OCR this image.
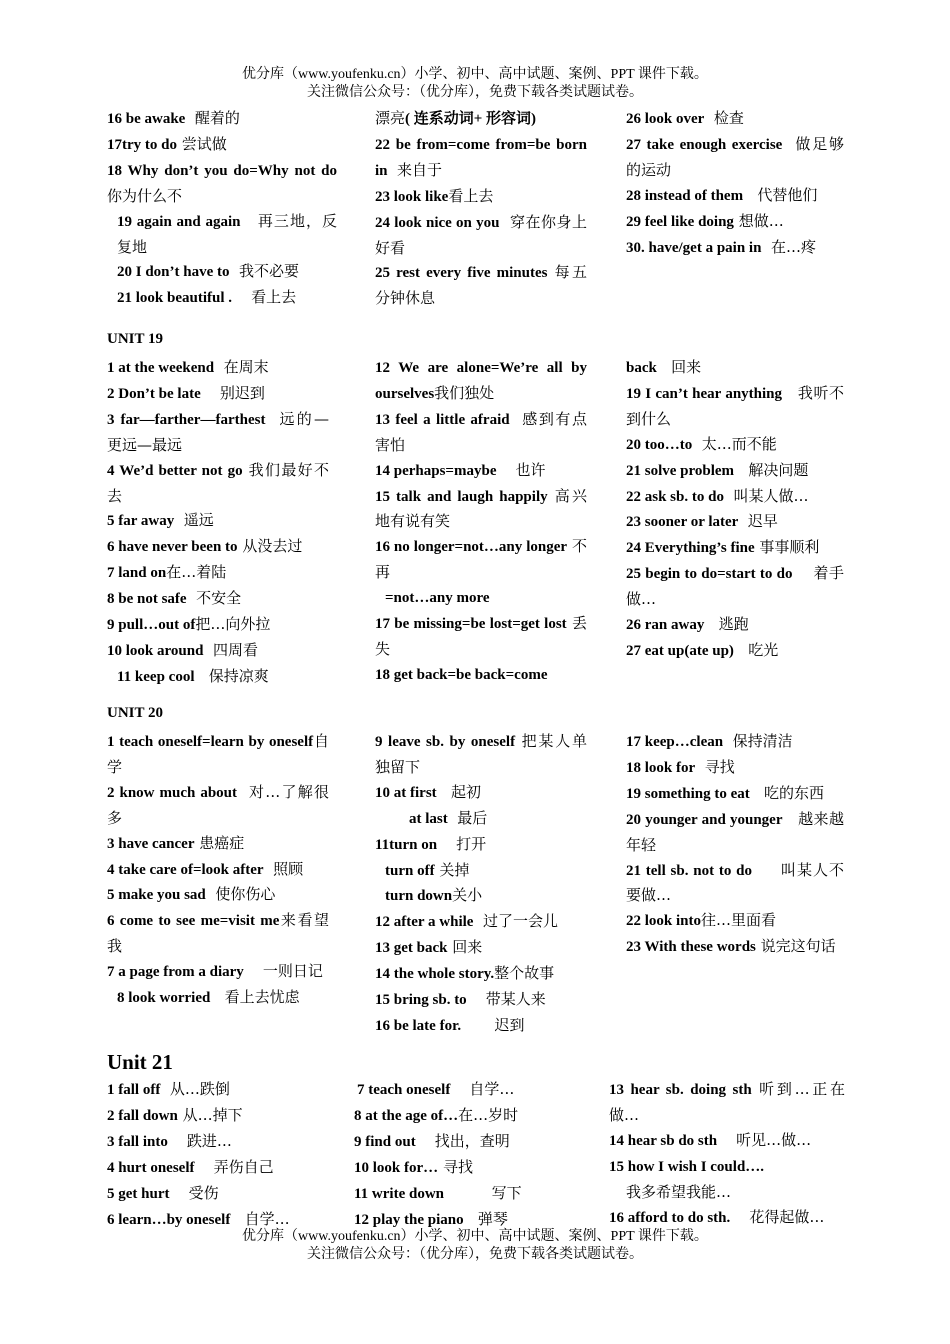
优分库（www.youfenku.cn）小学、初中、高中试题、案例、PPT 课件下载。
关注微信公众号：（优分库），免费下载各类试题试卷。

16 be awake  醒着的

17try to do 尝试做

18 Why don’t you do=Why not do  你为什么不

19 again and again   再三地，反复地

20 I don’t have to  我不必要

21 look beautiful .    看上去

漂亮( 连系动词+ 形容词)

22 be from=come from=be born in  来自于

23 look like看上去

24 look nice on you  穿在你身上好看

25 rest every five minutes 每五分钟休息

26 look over  检查

27 take enough exercise  做足够的运动

28 instead of them   代替他们

29 feel like doing 想做…

30. have/get a pain in  在…疼

UNIT 19

1 at the weekend  在周末

2 Don’t be late    别迟到

3 far—farther—farthest  远的—更远—最远

4 We’d better not go 我们最好不去

5 far away  遥远

6 have never been to 从没去过

7 land on在…着陆

8 be not safe  不安全

9 pull…out of把…向外拉

10 look around  四周看

11 keep cool   保持凉爽

12 We are alone=We’re all by ourselves我们独处

13 feel a little afraid  感到有点害怕

14 perhaps=maybe    也许

15 talk and laugh happily 高兴地有说有笑

16 no longer=not…any longer 不再

=not…any more

17 be missing=be lost=get lost 丢失

18 get back=be back=come

back   回来

19 I can’t hear anything   我听不到什么

20 too…to  太…而不能

21 solve problem   解决问题

22 ask sb. to do  叫某人做…

23 sooner or later  迟早

24 Everything’s fine 事事顺利

25 begin to do=start to do    着手做…

26 ran away   逃跑

27 eat up(ate up)   吃光

UNIT 20

1 teach oneself=learn by oneself自学

2 know much about  对…了解很多

3 have cancer 患癌症

4 take care of=look after  照顾

5 make you sad  使你伤心

6 come to see me=visit me来看望我

7 a page from a diary    一则日记

8 look worried   看上去忧虑

9 leave sb. by oneself 把某人单独留下

10 at first   起初

at last  最后

11turn on    打开

turn off 关掉

turn down关小

12 after a while  过了一会儿

13 get back 回来

14 the whole story.整个故事

15 bring sb. to    带某人来

16 be late for.       迟到

17 keep…clean  保持清洁

18 look for  寻找

19 something to eat   吃的东西

20 younger and younger   越来越年轻

21 tell sb. not to do     叫某人不要做…

22 look into往…里面看

23 With these words 说完这句话

Unit 21

1 fall off  从…跌倒

2 fall down 从…掉下

3 fall into    跌进…

4 hurt oneself    弄伤自己

5 get hurt    受伤

6 learn…by oneself   自学…

7 teach oneself    自学…

8 at the age of…在…岁时

9 find out    找出，查明

10 look for… 寻找

11 write down          写下

12 play the piano   弹琴

13 hear sb. doing sth 听到…正在做…

14 hear sb do sth    听见…做…

15 how I wish I could….

我多希望我能…

16 afford to do sth.    花得起做…

优分库（www.youfenku.cn）小学、初中、高中试题、案例、PPT 课件下载。
关注微信公众号：（优分库），免费下载各类试题试卷。
